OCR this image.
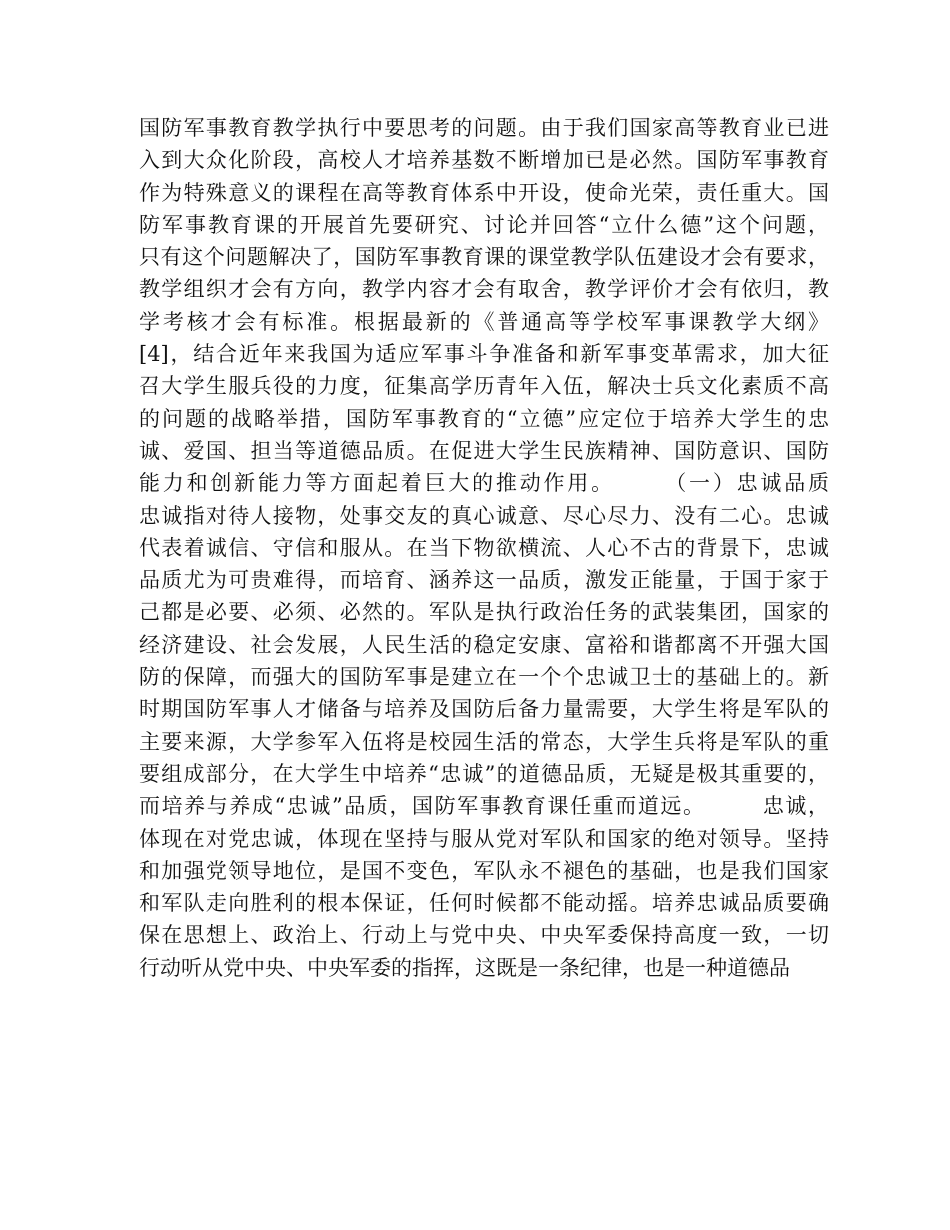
国防军事教育教学执行中要思考的问题。由于我们国家高等教育业已进
入到大众化阶段，高校人才培养基数不断增加已是必然。国防军事教育
作为特殊意义的课程在高等教育体系中开设，使命光荣，责任重大。国
防军事教育课的开展首先要研究、讨论并回答“立什么德”这个问题，
只有这个问题解决了，国防军事教育课的课堂教学队伍建设才会有要求，
教学组织才会有方向，教学内容才会有取舍，教学评价才会有依归，教
学考核才会有标准。根据最新的《普通高等学校军事课教学大纲》
[4]，结合近年来我国为适应军事斗争准备和新军事变革需求，加大征
召大学生服兵役的力度，征集高学历青年入伍，解决士兵文化素质不高
的问题的战略举措，国防军事教育的“立德”应定位于培养大学生的忠
诚、爱国、担当等道德品质。在促进大学生民族精神、国防意识、国防
能力和创新能力等方面起着巨大的推动作用。　　　（一）忠诚品质
忠诚指对待人接物，处事交友的真心诚意、尽心尽力、没有二心。忠诚
代表着诚信、守信和服从。在当下物欲横流、人心不古的背景下，忠诚
品质尤为可贵难得，而培育、涵养这一品质，激发正能量，于国于家于
己都是必要、必须、必然的。军队是执行政治任务的武装集团，国家的
经济建设、社会发展，人民生活的稳定安康、富裕和谐都离不开强大国
防的保障，而强大的国防军事是建立在一个个忠诚卫士的基础上的。新
时期国防军事人才储备与培养及国防后备力量需要，大学生将是军队的
主要来源，大学参军入伍将是校园生活的常态，大学生兵将是军队的重
要组成部分，在大学生中培养“忠诚”的道德品质，无疑是极其重要的，
而培养与养成“忠诚”品质，国防军事教育课任重而道远。　　　忠诚，
体现在对党忠诚，体现在坚持与服从党对军队和国家的绝对领导。坚持
和加强党领导地位，是国不变色，军队永不褪色的基础，也是我们国家
和军队走向胜利的根本保证，任何时候都不能动摇。培养忠诚品质要确
保在思想上、政治上、行动上与党中央、中央军委保持高度一致，一切
行动听从党中央、中央军委的指挥，这既是一条纪律，也是一种道德品
